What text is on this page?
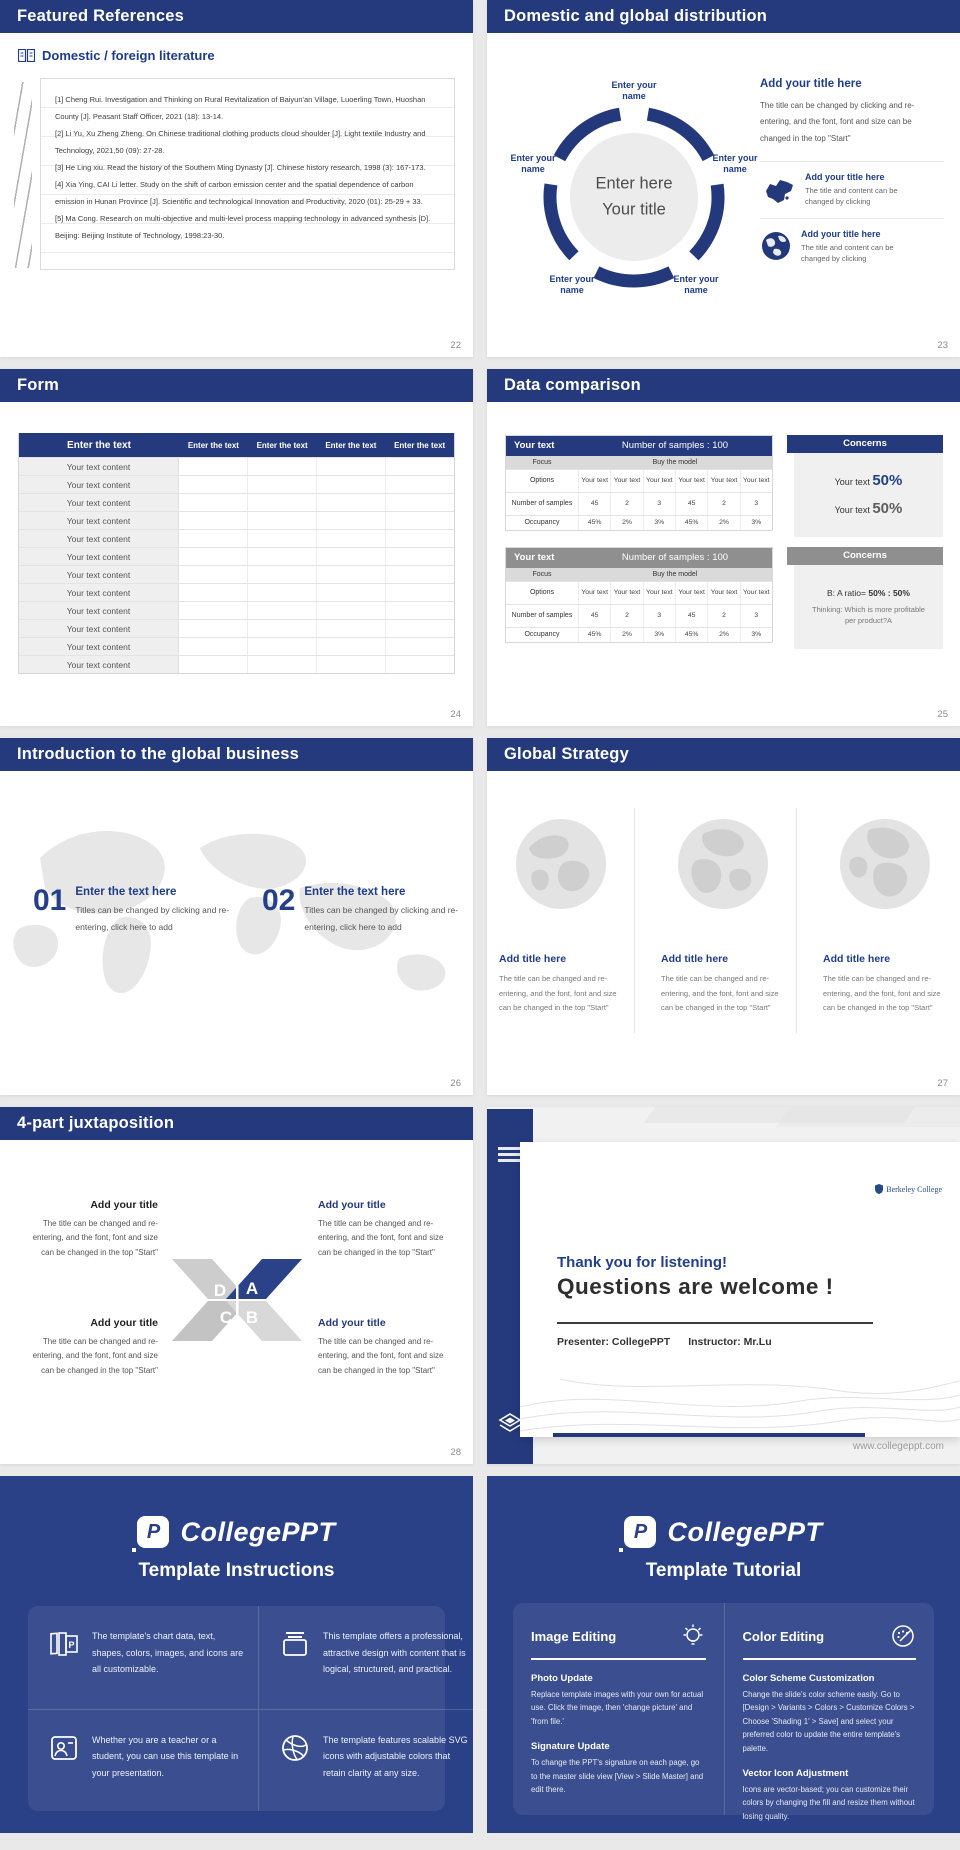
Featured References
Domestic / foreign literature

[1] Cheng Rui. Investigation and Thinking on Rural Revitalization of Baiyun'an Village, Luoerling Town, Huoshan County [J]. Peasant Staff Officer, 2021 (18): 13-14.

[2] Li Yu, Xu Zheng Zheng. On Chinese traditional clothing products cloud shoulder [J]. Light textile Industry and Technology, 2021,50 (09): 27-28.

[3] He Ling xiu. Read the history of the Southern Ming Dynasty [J]. Chinese history research, 1998 (3): 167-173.

[4] Xia Ying, CAI Li letter. Study on the shift of carbon emission center and the spatial dependence of carbon emission in Hunan Province [J]. Scientific and technological Innovation and Productivity, 2020 (01): 25-29 + 33.

[5] Ma Cong. Research on multi-objective and multi-level process mapping technology in advanced synthesis [D]. Beijing: Beijing Institute of Technology, 1998:23-30.

22
Domestic and global distribution
Enter here
Your title
Enter your name
Enter your name
Enter your name
Enter your name
Enter your name
Add your title here

The title can be changed by clicking and re-entering, and the font, font and size can be changed in the top "Start"

Add your title here

The title and content can be changed by clicking

Add your title here

The title and content can be changed by clicking

23
Form
Enter the text	Enter the text	Enter the text	Enter the text	Enter the text
Your text content
Your text content
Your text content
Your text content
Your text content
Your text content
Your text content
Your text content
Your text content
Your text content
Your text content
Your text content
24
Data comparison
Your text	Number of samples : 100
Focus	Buy the model
Options	Your text Your text Your text Your text Your text Your text
Number of samples	45	2	3	45	2	3
Occupancy	45%	2%	3%	45%	2%	3%
Your text	Number of samples : 100
Focus	Buy the model
Options	Your text Your text Your text Your text Your text Your text
Number of samples	45	2	3	45	2	3
Occupancy	45%	2%	3%	45%	2%	3%
Concerns
Your text 50%
Your text 50%
Concerns
B: A ratio= 50% : 50%
Thinking: Which is more profitable per product?A
25
Introduction to the global business
01 Enter the text here

Titles can be changed by clicking and re-entering, click here to add

02 Enter the text here

Titles can be changed by clicking and re-entering, click here to add

26
Global Strategy
Add title here

The title can be changed and re-entering, and the font, font and size can be changed in the top "Start"

Add title here

The title can be changed and re-entering, and the font, font and size can be changed in the top "Start"

Add title here

The title can be changed and re-entering, and the font, font and size can be changed in the top "Start"

27
4-part juxtaposition
Add your title

The title can be changed and re-entering, and the font, font and size can be changed in the top "Start"

Add your title

The title can be changed and re-entering, and the font, font and size can be changed in the top "Start"

Add your title

The title can be changed and re-entering, and the font, font and size can be changed in the top "Start"

Add your title

The title can be changed and re-entering, and the font, font and size can be changed in the top "Start"

D A
C B
28
Berkeley College
Thank you for listening!
Questions are welcome !
Presenter: CollegePPT Instructor: Mr.Lu
www.collegeppt.com
P CollegePPT
Template Instructions
P

The template's chart data, text, shapes, colors, images, and icons are all customizable.

This template offers a professional, attractive design with content that is logical, structured, and practical.

Whether you are a teacher or a student, you can use this template in your presentation.

The template features scalable SVG icons with adjustable colors that retain clarity at any size.

P CollegePPT
Template Tutorial
Image Editing
Photo Update

Replace template images with your own for actual use. Click the image, then 'change picture' and 'from file.'

Signature Update

To change the PPT's signature on each page, go to the master slide view [View > Slide Master] and edit there.

Color Editing
Color Scheme Customization

Change the slide's color scheme easily. Go to [Design > Variants > Colors > Customize Colors > Choose 'Shading 1' > Save] and select your preferred color to update the entire template's palette.

Vector Icon Adjustment

Icons are vector-based; you can customize their colors by changing the fill and resize them without losing quality.
